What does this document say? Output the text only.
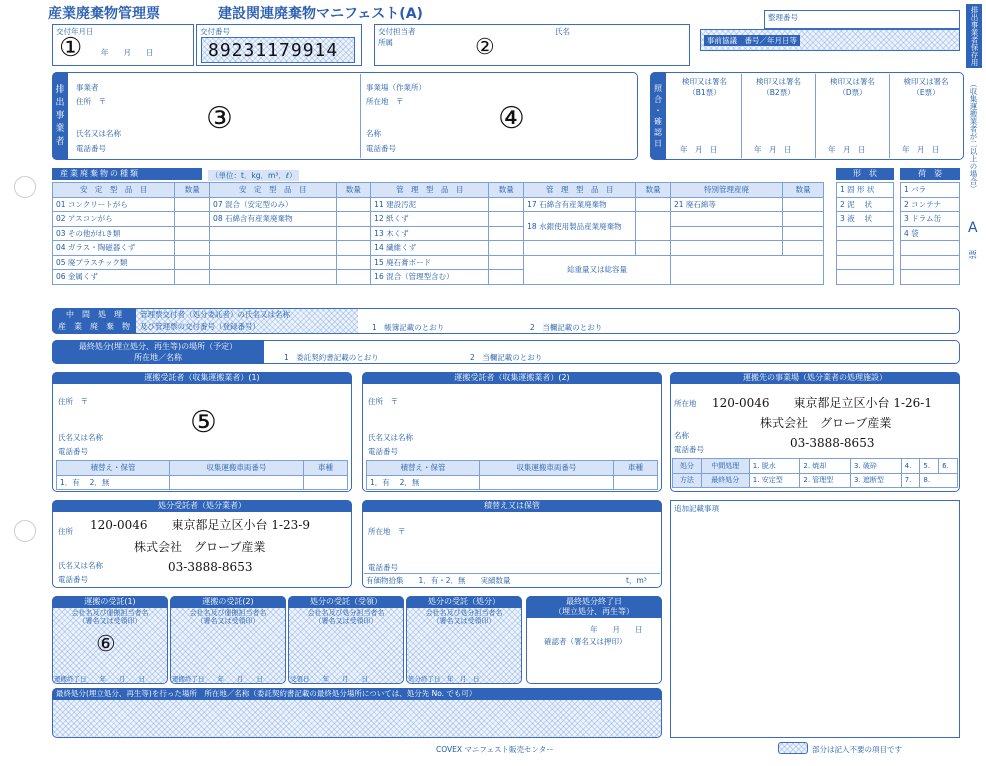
産業廃棄物管理票	建設関連廃棄物マニフェスト(A)	整理番号
事前協議　番号／年月日等
交付年月日
① 年　　月　　日
交付番号
89231179914
交付担当者
所属
氏名
②
排
出
事
業
者
事業者
住所　〒
氏名又は名称
電話番号
③
事業場（作業所）
所在地　〒
名称
電話番号
④
照
合
・
確
認
日
検印又は署名
（B1票）
年　月　日
検印又は署名
（B2票）
年　月　日
検印又は署名
（D票）
年　月　日
検印又は署名
（E票）
年　月　日
産業廃棄物の種類	（単位：t．kg．m³．ℓ）
安　定　型　品　目	数量	安　定　型　品　目	数量	管　理　型　品　目	数量	管　理　型　品　目	数量	特別管理産廃	数量
01 コンクリートがら		07 混合（安定型のみ）		11 建設汚泥		17 石綿含有産業廃棄物		21 廃石綿等	
02 アスコンがら		08 石綿含有産業廃棄物		12 紙くず		18 水銀使用製品産業廃棄物			
03 その他がれき類				13 木くず					
04 ガラス・陶磁器くず				14 繊維くず					
05 廃プラスチック類				15 廃石膏ボード		総重量又は総容量			
06 金属くず				16 混合（管理型含む）					
形　状
1 固 形 状
2 泥　 状
3 液　 状

荷　姿
1 バラ
2 コンテナ
3 ドラム缶
4 袋

中　間　処　理
産　業　廃　棄　物
管理票交付者（処分委託者）の氏名又は名称
及び管理票の交付番号（登録番号）	1　帳簿記載のとおり	2　当欄記載のとおり
最終処分(埋立処分、再生等)の場所（予定）
所在地／名称	1　委託契約書記載のとおり	2　当欄記載のとおり
運搬受託者（収集運搬業者）(1)
住所　〒
氏名又は名称
電話番号
⑤
積替え・保管	収集運搬車両番号	車種
1．有　 2．無		
運搬受託者（収集運搬業者）(2)
住所　〒
氏名又は名称
電話番号
積替え・保管	収集運搬車両番号	車種
1．有　 2．無		
運搬先の事業場（処分業者の処理施設）
所在地
名称
電話番号
120-0046　　東京都足立区小台 1-26-1
株式会社　グローブ産業
03-3888-8653
処分	中間処理	1. 脱水	2. 焼却	3. 破砕	4.	5.	6.
方法	最終処分	1. 安定型	2. 管理型	3. 遮断型	7.	8.	
処分受託者（処分業者）
住所
氏名又は名称
電話番号
120-0046　　東京都足立区小台 1-23-9
株式会社　グローブ産業
03-3888-8653
積替え又は保管
所在地　〒
電話番号
有価物拾集　　1．有・2．無　　実績数量	t，m³
追加記載事項
運搬の受託(1)
会社名及び運搬担当者名
（署名又は受領印）
運搬終了日　　年　　月　　日
⑥
運搬の受託(2)
会社名及び運搬担当者名
（署名又は受領印）
運搬終了日　　年　　月　　日
処分の受託（受領）
会社名及び処分担当者名
（署名又は受領印）
受領日　　年　　月　　日
処分の受託（処分）
会社名及び処分担当者名
（署名又は受領印）
処分終了日　年　月　日
最終処分終了日
（埋立処分、再生等）
年　　月　　日
確認者（署名又は押印）
最終処分(埋立処分、再生等)を行った場所　所在地／名称（委託契約書記載の最終処分場所については、処分先 No. でも可）
COVEX マニフェスト販売センター	部分は記入不要の項目です
排出事業者保存用
（収集運搬業者が二以上の場合）
A
票
